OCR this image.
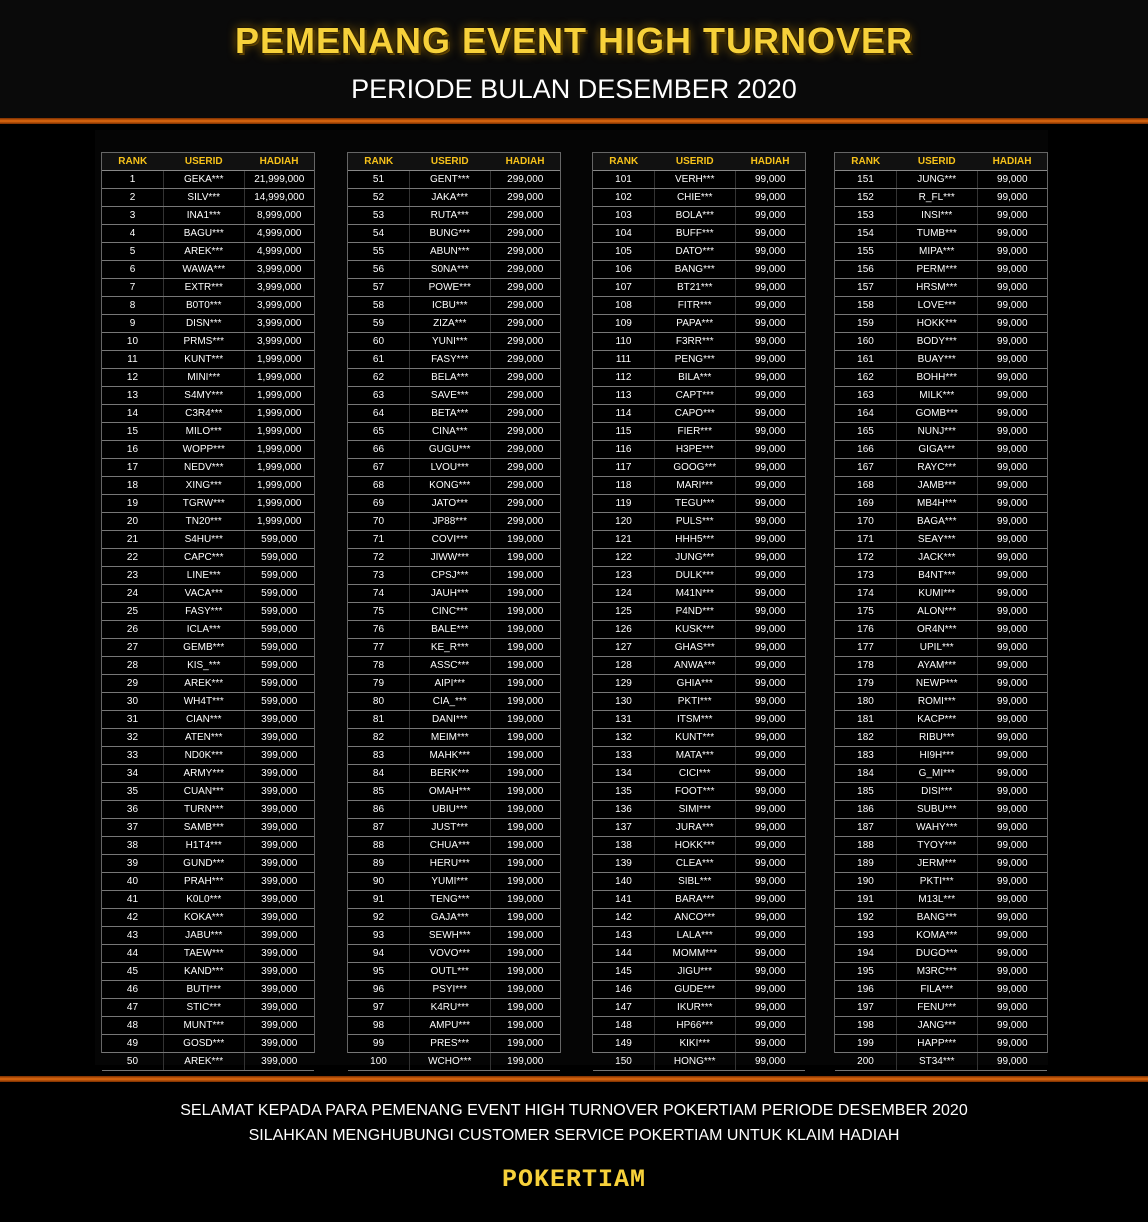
PEMENANG EVENT HIGH TURNOVER
PERIODE BULAN DESEMBER 2020
RANK	USERID	HADIAH
1	GEKA***	21,999,000
2	SILV***	14,999,000
3	INA1***	8,999,000
4	BAGU***	4,999,000
5	AREK***	4,999,000
6	WAWA***	3,999,000
7	EXTR***	3,999,000
8	B0T0***	3,999,000
9	DISN***	3,999,000
10	PRMS***	3,999,000
11	KUNT***	1,999,000
12	MINI***	1,999,000
13	S4MY***	1,999,000
14	C3R4***	1,999,000
15	MILO***	1,999,000
16	WOPP***	1,999,000
17	NEDV***	1,999,000
18	XING***	1,999,000
19	TGRW***	1,999,000
20	TN20***	1,999,000
21	S4HU***	599,000
22	CAPC***	599,000
23	LINE***	599,000
24	VACA***	599,000
25	FASY***	599,000
26	ICLA***	599,000
27	GEMB***	599,000
28	KIS_***	599,000
29	AREK***	599,000
30	WH4T***	599,000
31	CIAN***	399,000
32	ATEN***	399,000
33	ND0K***	399,000
34	ARMY***	399,000
35	CUAN***	399,000
36	TURN***	399,000
37	SAMB***	399,000
38	H1T4***	399,000
39	GUND***	399,000
40	PRAH***	399,000
41	K0L0***	399,000
42	KOKA***	399,000
43	JABU***	399,000
44	TAEW***	399,000
45	KAND***	399,000
46	BUTI***	399,000
47	STIC***	399,000
48	MUNT***	399,000
49	GOSD***	399,000
50	AREK***	399,000
RANK	USERID	HADIAH
51	GENT***	299,000
52	JAKA***	299,000
53	RUTA***	299,000
54	BUNG***	299,000
55	ABUN***	299,000
56	S0NA***	299,000
57	POWE***	299,000
58	ICBU***	299,000
59	ZIZA***	299,000
60	YUNI***	299,000
61	FASY***	299,000
62	BELA***	299,000
63	SAVE***	299,000
64	BETA***	299,000
65	CINA***	299,000
66	GUGU***	299,000
67	LVOU***	299,000
68	KONG***	299,000
69	JATO***	299,000
70	JP88***	299,000
71	COVI***	199,000
72	JIWW***	199,000
73	CPSJ***	199,000
74	JAUH***	199,000
75	CINC***	199,000
76	BALE***	199,000
77	KE_R***	199,000
78	ASSC***	199,000
79	AIPI***	199,000
80	CIA_***	199,000
81	DANI***	199,000
82	MEIM***	199,000
83	MAHK***	199,000
84	BERK***	199,000
85	OMAH***	199,000
86	UBIU***	199,000
87	JUST***	199,000
88	CHUA***	199,000
89	HERU***	199,000
90	YUMI***	199,000
91	TENG***	199,000
92	GAJA***	199,000
93	SEWH***	199,000
94	VOVO***	199,000
95	OUTL***	199,000
96	PSYI***	199,000
97	K4RU***	199,000
98	AMPU***	199,000
99	PRES***	199,000
100	WCHO***	199,000
RANK	USERID	HADIAH
101	VERH***	99,000
102	CHIE***	99,000
103	BOLA***	99,000
104	BUFF***	99,000
105	DATO***	99,000
106	BANG***	99,000
107	BT21***	99,000
108	FITR***	99,000
109	PAPA***	99,000
110	F3RR***	99,000
111	PENG***	99,000
112	BILA***	99,000
113	CAPT***	99,000
114	CAPO***	99,000
115	FIER***	99,000
116	H3PE***	99,000
117	GOOG***	99,000
118	MARI***	99,000
119	TEGU***	99,000
120	PULS***	99,000
121	HHH5***	99,000
122	JUNG***	99,000
123	DULK***	99,000
124	M41N***	99,000
125	P4ND***	99,000
126	KUSK***	99,000
127	GHAS***	99,000
128	ANWA***	99,000
129	GHIA***	99,000
130	PKTI***	99,000
131	ITSM***	99,000
132	KUNT***	99,000
133	MATA***	99,000
134	CICI***	99,000
135	FOOT***	99,000
136	SIMI***	99,000
137	JURA***	99,000
138	HOKK***	99,000
139	CLEA***	99,000
140	SIBL***	99,000
141	BARA***	99,000
142	ANCO***	99,000
143	LALA***	99,000
144	MOMM***	99,000
145	JIGU***	99,000
146	GUDE***	99,000
147	IKUR***	99,000
148	HP66***	99,000
149	KIKI***	99,000
150	HONG***	99,000
RANK	USERID	HADIAH
151	JUNG***	99,000
152	R_FL***	99,000
153	INSI***	99,000
154	TUMB***	99,000
155	MIPA***	99,000
156	PERM***	99,000
157	HRSM***	99,000
158	LOVE***	99,000
159	HOKK***	99,000
160	BODY***	99,000
161	BUAY***	99,000
162	BOHH***	99,000
163	MILK***	99,000
164	GOMB***	99,000
165	NUNJ***	99,000
166	GIGA***	99,000
167	RAYC***	99,000
168	JAMB***	99,000
169	MB4H***	99,000
170	BAGA***	99,000
171	SEAY***	99,000
172	JACK***	99,000
173	B4NT***	99,000
174	KUMI***	99,000
175	ALON***	99,000
176	OR4N***	99,000
177	UPIL***	99,000
178	AYAM***	99,000
179	NEWP***	99,000
180	ROMI***	99,000
181	KACP***	99,000
182	RIBU***	99,000
183	HI9H***	99,000
184	G_MI***	99,000
185	DISI***	99,000
186	SUBU***	99,000
187	WAHY***	99,000
188	TYOY***	99,000
189	JERM***	99,000
190	PKTI***	99,000
191	M13L***	99,000
192	BANG***	99,000
193	KOMA***	99,000
194	DUGO***	99,000
195	M3RC***	99,000
196	FILA***	99,000
197	FENU***	99,000
198	JANG***	99,000
199	HAPP***	99,000
200	ST34***	99,000
SELAMAT KEPADA PARA PEMENANG EVENT HIGH TURNOVER POKERTIAM PERIODE DESEMBER 2020
SILAHKAN MENGHUBUNGI CUSTOMER SERVICE POKERTIAM UNTUK KLAIM HADIAH
POKERTIAM
